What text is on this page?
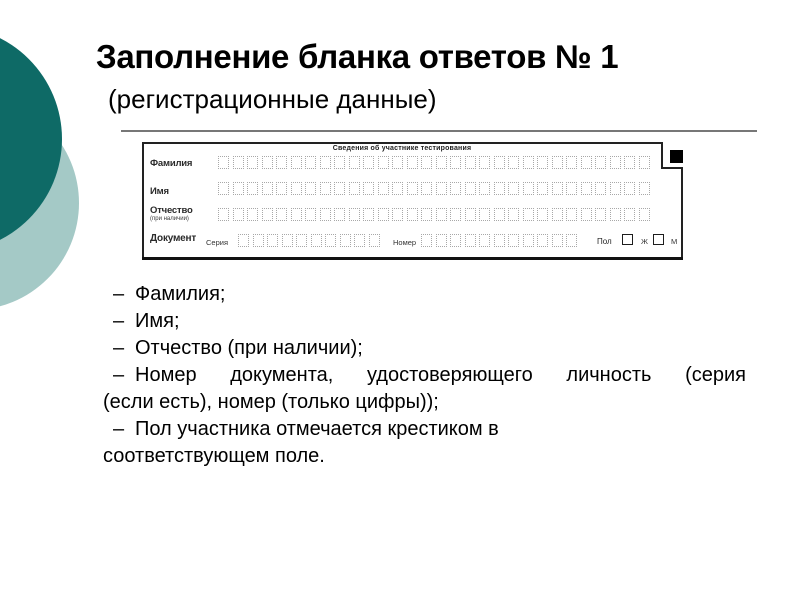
Заполнение бланка ответов № 1
(регистрационные данные)
Сведения об участнике тестирования
Фамилия
Имя
Отчество
(при наличии)
Документ Серия	Номер	Пол	Ж	М

– Фамилия;

– Имя;

– Отчество (при наличии);

– Номер документа, удостоверяющего личность (серия
(если есть), номер (только цифры));

– Пол участника отмечается крестиком в
соответствующем поле.
